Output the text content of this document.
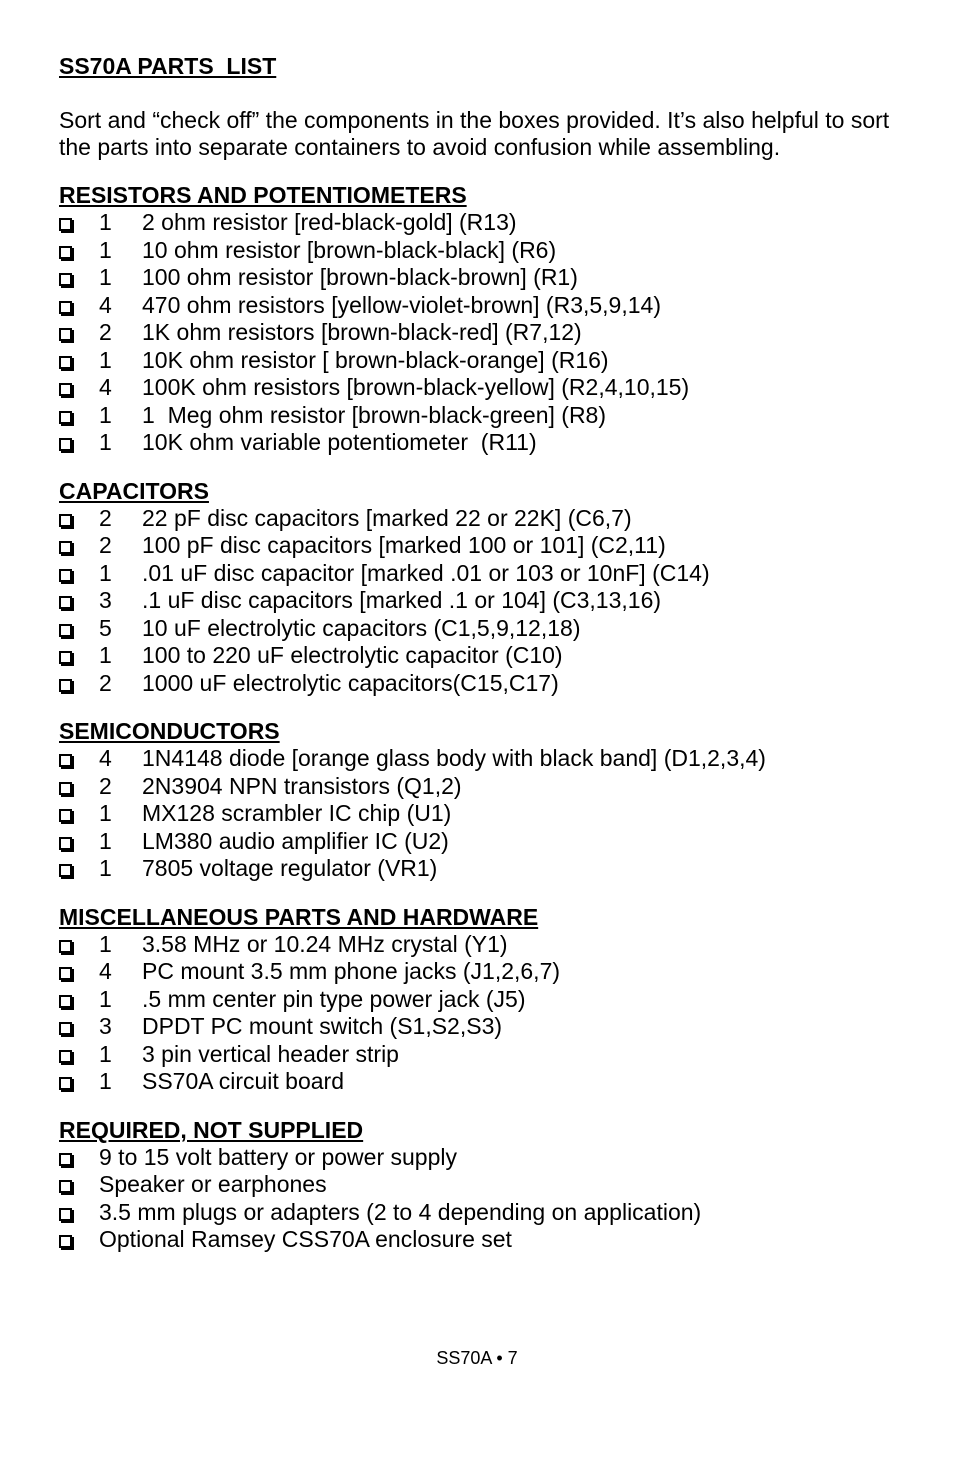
SS70A PARTS  LIST

Sort and “check off” the components in the boxes provided. It’s also helpful to sort the parts into separate containers to avoid confusion while assembling.

RESISTORS AND POTENTIOMETERS
1	2 ohm resistor [red-black-gold] (R13)
1	10 ohm resistor [brown-black-black] (R6)
1	100 ohm resistor [brown-black-brown] (R1)
4	470 ohm resistors [yellow-violet-brown] (R3,5,9,14)
2	1K ohm resistors [brown-black-red] (R7,12)
1	10K ohm resistor [ brown-black-orange] (R16)
4	100K ohm resistors [brown-black-yellow] (R2,4,10,15)
1	1  Meg ohm resistor [brown-black-green] (R8)
1	10K ohm variable potentiometer  (R11)
CAPACITORS
2	22 pF disc capacitors [marked 22 or 22K] (C6,7)
2	100 pF disc capacitors [marked 100 or 101] (C2,11)
1	.01 uF disc capacitor [marked .01 or 103 or 10nF] (C14)
3	.1 uF disc capacitors [marked .1 or 104] (C3,13,16)
5	10 uF electrolytic capacitors (C1,5,9,12,18)
1	100 to 220 uF electrolytic capacitor (C10)
2	1000 uF electrolytic capacitors(C15,C17)
SEMICONDUCTORS
4	1N4148 diode [orange glass body with black band] (D1,2,3,4)
2	2N3904 NPN transistors (Q1,2)
1	MX128 scrambler IC chip (U1)
1	LM380 audio amplifier IC (U2)
1	7805 voltage regulator (VR1)
MISCELLANEOUS PARTS AND HARDWARE
1	3.58 MHz or 10.24 MHz crystal (Y1)
4	PC mount 3.5 mm phone jacks (J1,2,6,7)
1	.5 mm center pin type power jack (J5)
3	DPDT PC mount switch (S1,S2,S3)
1	3 pin vertical header strip
1	SS70A circuit board
REQUIRED, NOT SUPPLIED
9 to 15 volt battery or power supply
Speaker or earphones
3.5 mm plugs or adapters (2 to 4 depending on application)
Optional Ramsey CSS70A enclosure set
SS70A • 7
